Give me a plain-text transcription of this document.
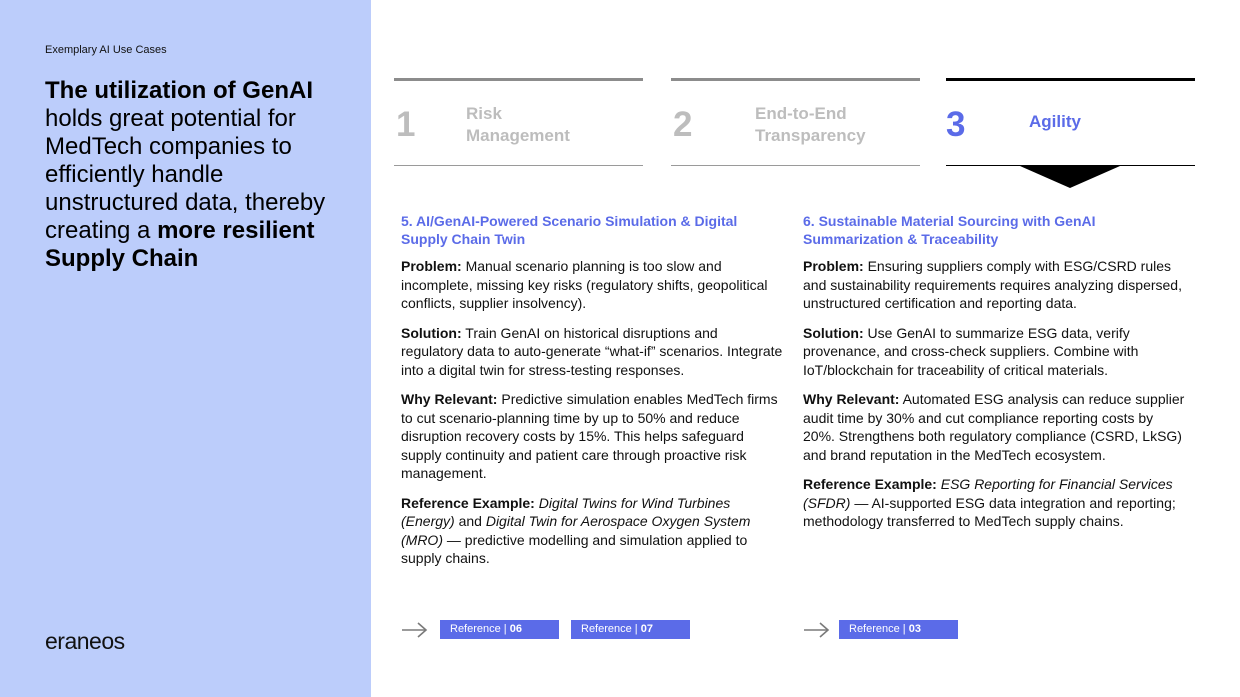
Exemplary AI Use Cases
The utilization of GenAI holds great potential for MedTech companies to efficiently handle unstructured data, thereby creating a more resilient Supply Chain
eraneos
1	Risk
Management	2	End-to-End
Transparency 3	Agility
5. AI/GenAI-Powered Scenario Simulation & Digital Supply Chain Twin

Problem: Manual scenario planning is too slow and incomplete, missing key risks (regulatory shifts, geopolitical conflicts, supplier insolvency).

Solution: Train GenAI on historical disruptions and regulatory data to auto-generate “what-if” scenarios. Integrate into a digital twin for stress-testing responses.

Why Relevant: Predictive simulation enables MedTech firms to cut scenario-planning time by up to 50% and reduce disruption recovery costs by 15%. This helps safeguard supply continuity and patient care through proactive risk management.

Reference Example: Digital Twins for Wind Turbines (Energy) and Digital Twin for Aerospace Oxygen System (MRO) — predictive modelling and simulation applied to supply chains.

6. Sustainable Material Sourcing with GenAI Summarization & Traceability

Problem: Ensuring suppliers comply with ESG/CSRD rules and sustainability requirements requires analyzing dispersed, unstructured certification and reporting data.

Solution: Use GenAI to summarize ESG data, verify provenance, and cross-check suppliers. Combine with IoT/blockchain for traceability of critical materials.

Why Relevant: Automated ESG analysis can reduce supplier audit time by 30% and cut compliance reporting costs by 20%. Strengthens both regulatory compliance (CSRD, LkSG) and brand reputation in the MedTech ecosystem.

Reference Example: ESG Reporting for Financial Services (SFDR) — AI-supported ESG data integration and reporting; methodology transferred to MedTech supply chains.

Reference | 06	Reference | 07	Reference | 03
